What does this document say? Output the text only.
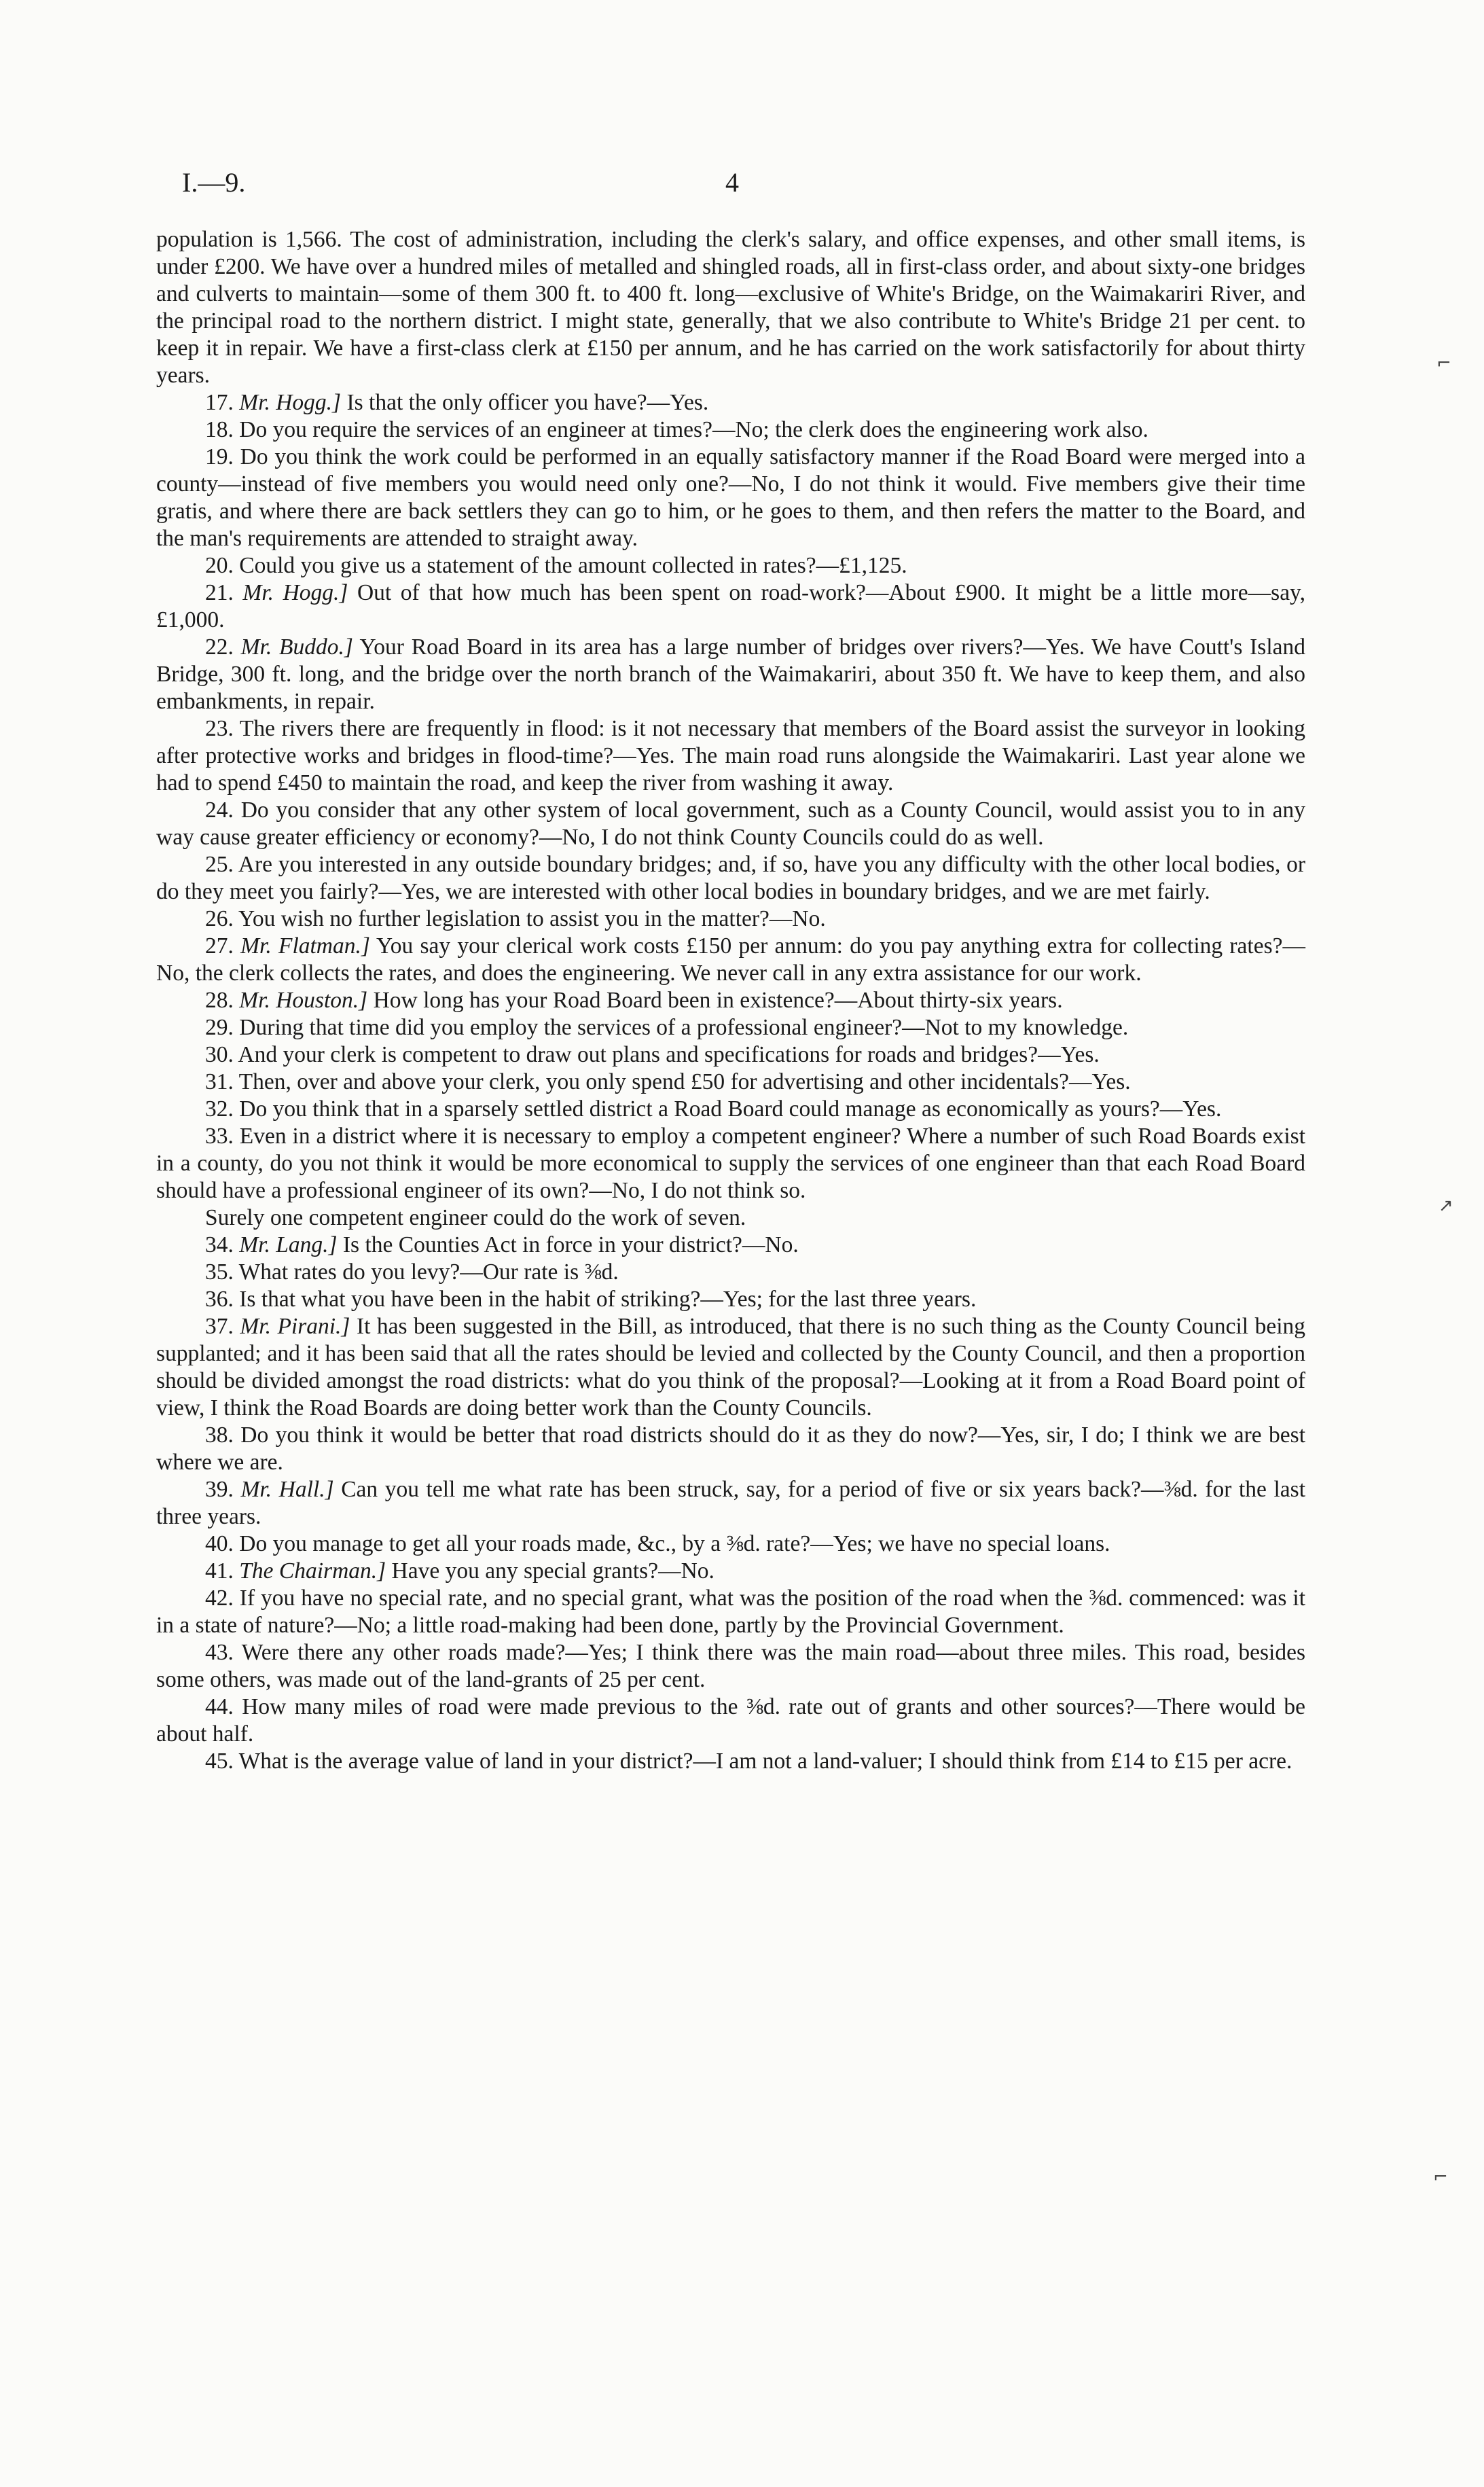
I.—9.	4

population is 1,566. The cost of administration, including the clerk's salary, and office expenses, and other small items, is under £200. We have over a hundred miles of metalled and shingled roads, all in first-class order, and about sixty-one bridges and culverts to maintain—some of them 300 ft. to 400 ft. long—exclusive of White's Bridge, on the Waimakariri River, and the principal road to the northern district. I might state, generally, that we also contribute to White's Bridge 21 per cent. to keep it in repair. We have a first-class clerk at £150 per annum, and he has carried on the work satisfactorily for about thirty years.

17. Mr. Hogg.] Is that the only officer you have?—Yes.

18. Do you require the services of an engineer at times?—No; the clerk does the engineering work also.

19. Do you think the work could be performed in an equally satisfactory manner if the Road Board were merged into a county—instead of five members you would need only one?—No, I do not think it would. Five members give their time gratis, and where there are back settlers they can go to him, or he goes to them, and then refers the matter to the Board, and the man's requirements are attended to straight away.

20. Could you give us a statement of the amount collected in rates?—£1,125.

21. Mr. Hogg.] Out of that how much has been spent on road-work?—About £900. It might be a little more—say, £1,000.

22. Mr. Buddo.] Your Road Board in its area has a large number of bridges over rivers?—Yes. We have Coutt's Island Bridge, 300 ft. long, and the bridge over the north branch of the Waimakariri, about 350 ft. We have to keep them, and also embankments, in repair.

23. The rivers there are frequently in flood: is it not necessary that members of the Board assist the surveyor in looking after protective works and bridges in flood-time?—Yes. The main road runs alongside the Waimakariri. Last year alone we had to spend £450 to maintain the road, and keep the river from washing it away.

24. Do you consider that any other system of local government, such as a County Council, would assist you to in any way cause greater efficiency or economy?—No, I do not think County Councils could do as well.

25. Are you interested in any outside boundary bridges; and, if so, have you any difficulty with the other local bodies, or do they meet you fairly?—Yes, we are interested with other local bodies in boundary bridges, and we are met fairly.

26. You wish no further legislation to assist you in the matter?—No.

27. Mr. Flatman.] You say your clerical work costs £150 per annum: do you pay anything extra for collecting rates?—No, the clerk collects the rates, and does the engineering. We never call in any extra assistance for our work.

28. Mr. Houston.] How long has your Road Board been in existence?—About thirty-six years.

29. During that time did you employ the services of a professional engineer?—Not to my knowledge.

30. And your clerk is competent to draw out plans and specifications for roads and bridges?—Yes.

31. Then, over and above your clerk, you only spend £50 for advertising and other incidentals?—Yes.

32. Do you think that in a sparsely settled district a Road Board could manage as economically as yours?—Yes.

33. Even in a district where it is necessary to employ a competent engineer? Where a number of such Road Boards exist in a county, do you not think it would be more economical to supply the services of one engineer than that each Road Board should have a professional engineer of its own?—No, I do not think so.

Surely one competent engineer could do the work of seven.

34. Mr. Lang.] Is the Counties Act in force in your district?—No.

35. What rates do you levy?—Our rate is ⅜d.

36. Is that what you have been in the habit of striking?—Yes; for the last three years.

37. Mr. Pirani.] It has been suggested in the Bill, as introduced, that there is no such thing as the County Council being supplanted; and it has been said that all the rates should be levied and collected by the County Council, and then a proportion should be divided amongst the road districts: what do you think of the proposal?—Looking at it from a Road Board point of view, I think the Road Boards are doing better work than the County Councils.

38. Do you think it would be better that road districts should do it as they do now?—Yes, sir, I do; I think we are best where we are.

39. Mr. Hall.] Can you tell me what rate has been struck, say, for a period of five or six years back?—⅜d. for the last three years.

40. Do you manage to get all your roads made, &c., by a ⅜d. rate?—Yes; we have no special loans.

41. The Chairman.] Have you any special grants?—No.

42. If you have no special rate, and no special grant, what was the position of the road when the ⅜d. commenced: was it in a state of nature?—No; a little road-making had been done, partly by the Provincial Government.

43. Were there any other roads made?—Yes; I think there was the main road—about three miles. This road, besides some others, was made out of the land-grants of 25 per cent.

44. How many miles of road were made previous to the ⅜d. rate out of grants and other sources?—There would be about half.

45. What is the average value of land in your district?—I am not a land-valuer; I should think from £14 to £15 per acre.

⌐
↗
⌐
